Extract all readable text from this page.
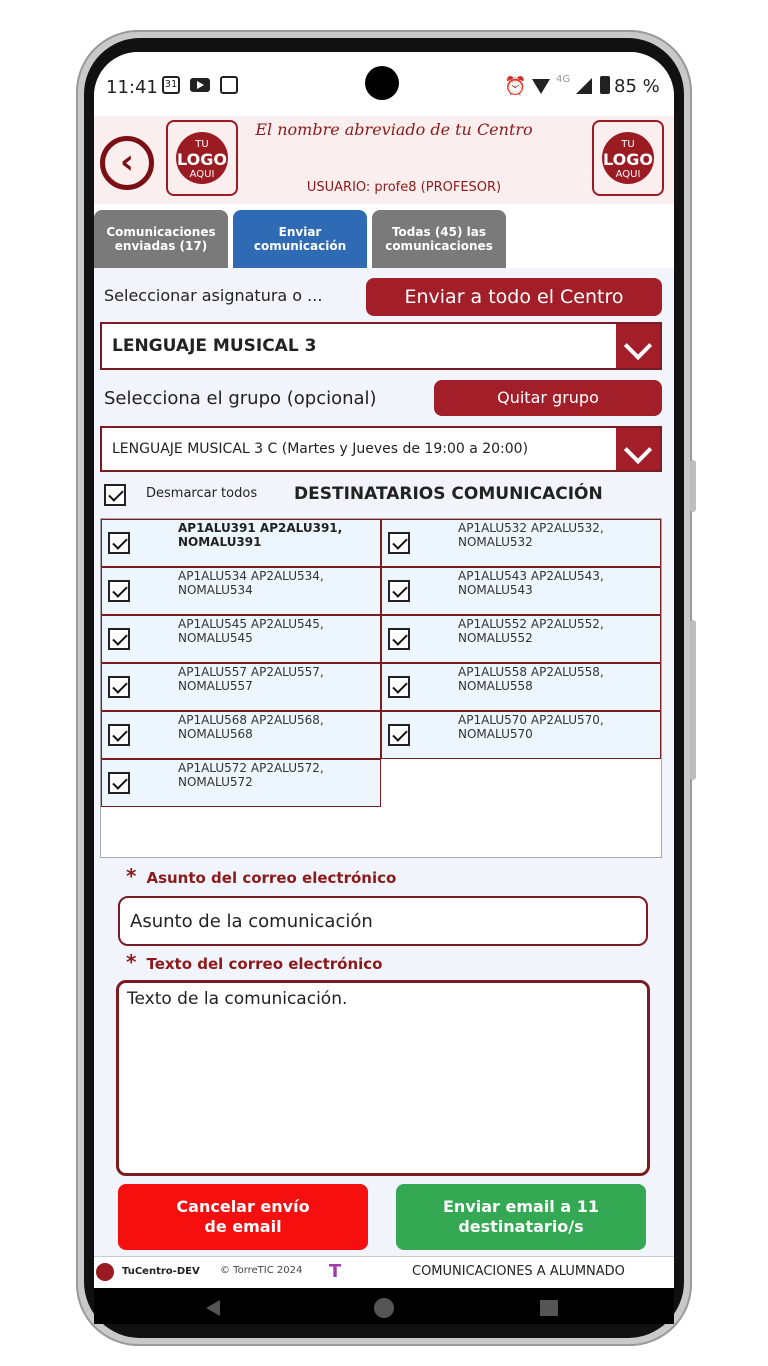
11:41 31	⏰	4G 85 %
‹	TU
LOGO
AQUI
El nombre abreviado de tu Centro
USUARIO: profe8 (PROFESOR)
TU
LOGO
AQUI
Comunicaciones
enviadas (17)
Enviar
comunicación
Todas (45) las
comunicaciones
Seleccionar asignatura o ...	Enviar a todo el Centro
LENGUAJE MUSICAL 3
Selecciona el grupo (opcional)	Quitar grupo
LENGUAJE MUSICAL 3 C (Martes y Jueves de 19:00 a 20:00)
Desmarcar todos DESTINATARIOS COMUNICACIÓN
AP1ALU391 AP2ALU391,
NOMALU391
AP1ALU532 AP2ALU532,
NOMALU532
AP1ALU534 AP2ALU534,
NOMALU534
AP1ALU543 AP2ALU543,
NOMALU543
AP1ALU545 AP2ALU545,
NOMALU545
AP1ALU552 AP2ALU552,
NOMALU552
AP1ALU557 AP2ALU557,
NOMALU557
AP1ALU558 AP2ALU558,
NOMALU558
AP1ALU568 AP2ALU568,
NOMALU568
AP1ALU570 AP2ALU570,
NOMALU570
AP1ALU572 AP2ALU572,
NOMALU572
* Asunto del correo electrónico
Asunto de la comunicación
* Texto del correo electrónico
Texto de la comunicación.
Cancelar envío
de email
Enviar email a 11
destinatario/s
TuCentro-DEV © TorreTIC 2024 T	COMUNICACIONES A ALUMNADO
